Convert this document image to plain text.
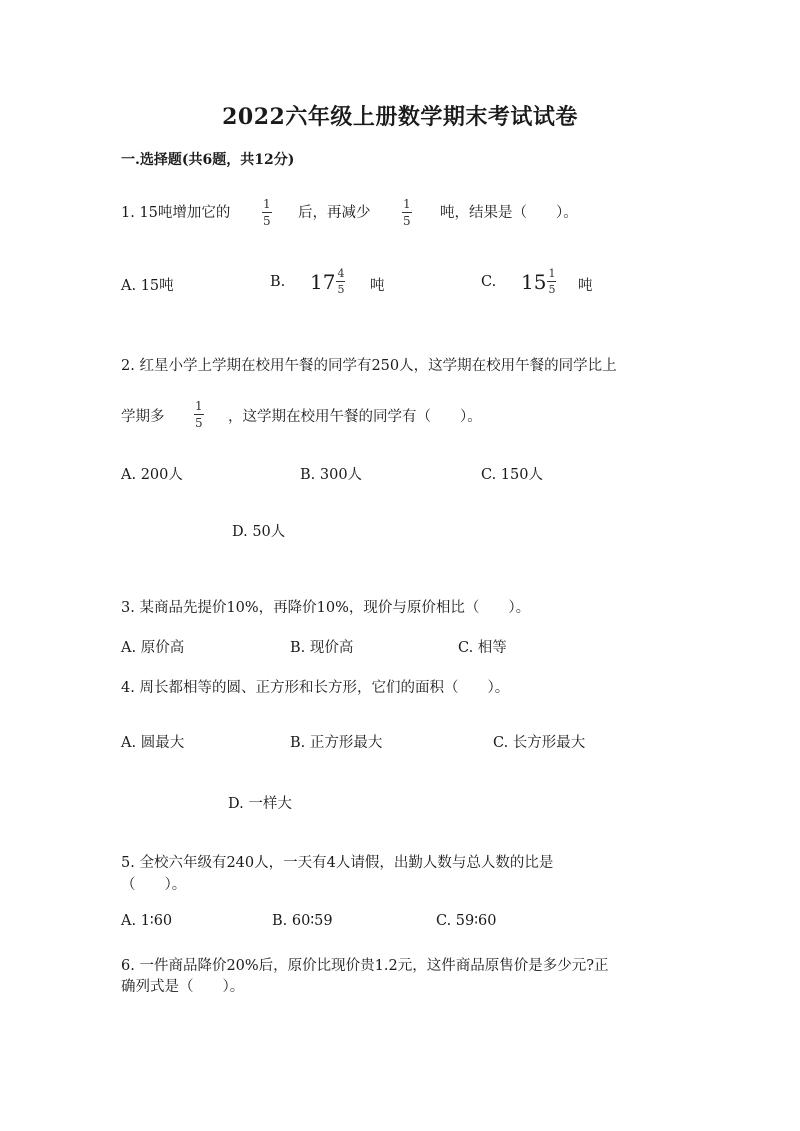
2022六年级上册数学期末考试试卷
一.选择题(共6题，共12分)
1. 15吨增加它的	$\frac{1}{5}$ 后，再减少	$\frac{1}{5}$ 吨，结果是（　　）。
A. 15吨	B. $17 \frac{4}{5}$ 吨	C. $15 \frac{1}{5}$ 吨
2. 红星小学上学期在校用午餐的同学有250人，这学期在校用午餐的同学比上
学期多 $\frac{1}{5}$ ，这学期在校用午餐的同学有（　　）。
A. 200人	B. 300人	C. 150人
D. 50人
3. 某商品先提价10%，再降价10%，现价与原价相比（　　）。
A. 原价高	B. 现价高	C. 相等
4. 周长都相等的圆、正方形和长方形，它们的面积（　　）。
A. 圆最大	B. 正方形最大	C. 长方形最大
D. 一样大
5. 全校六年级有240人，一天有4人请假，出勤人数与总人数的比是
（　　）。
A. 1∶60	B. 60∶59	C. 59∶60
6. 一件商品降价20%后，原价比现价贵1.2元，这件商品原售价是多少元?正
确列式是（　　）。
